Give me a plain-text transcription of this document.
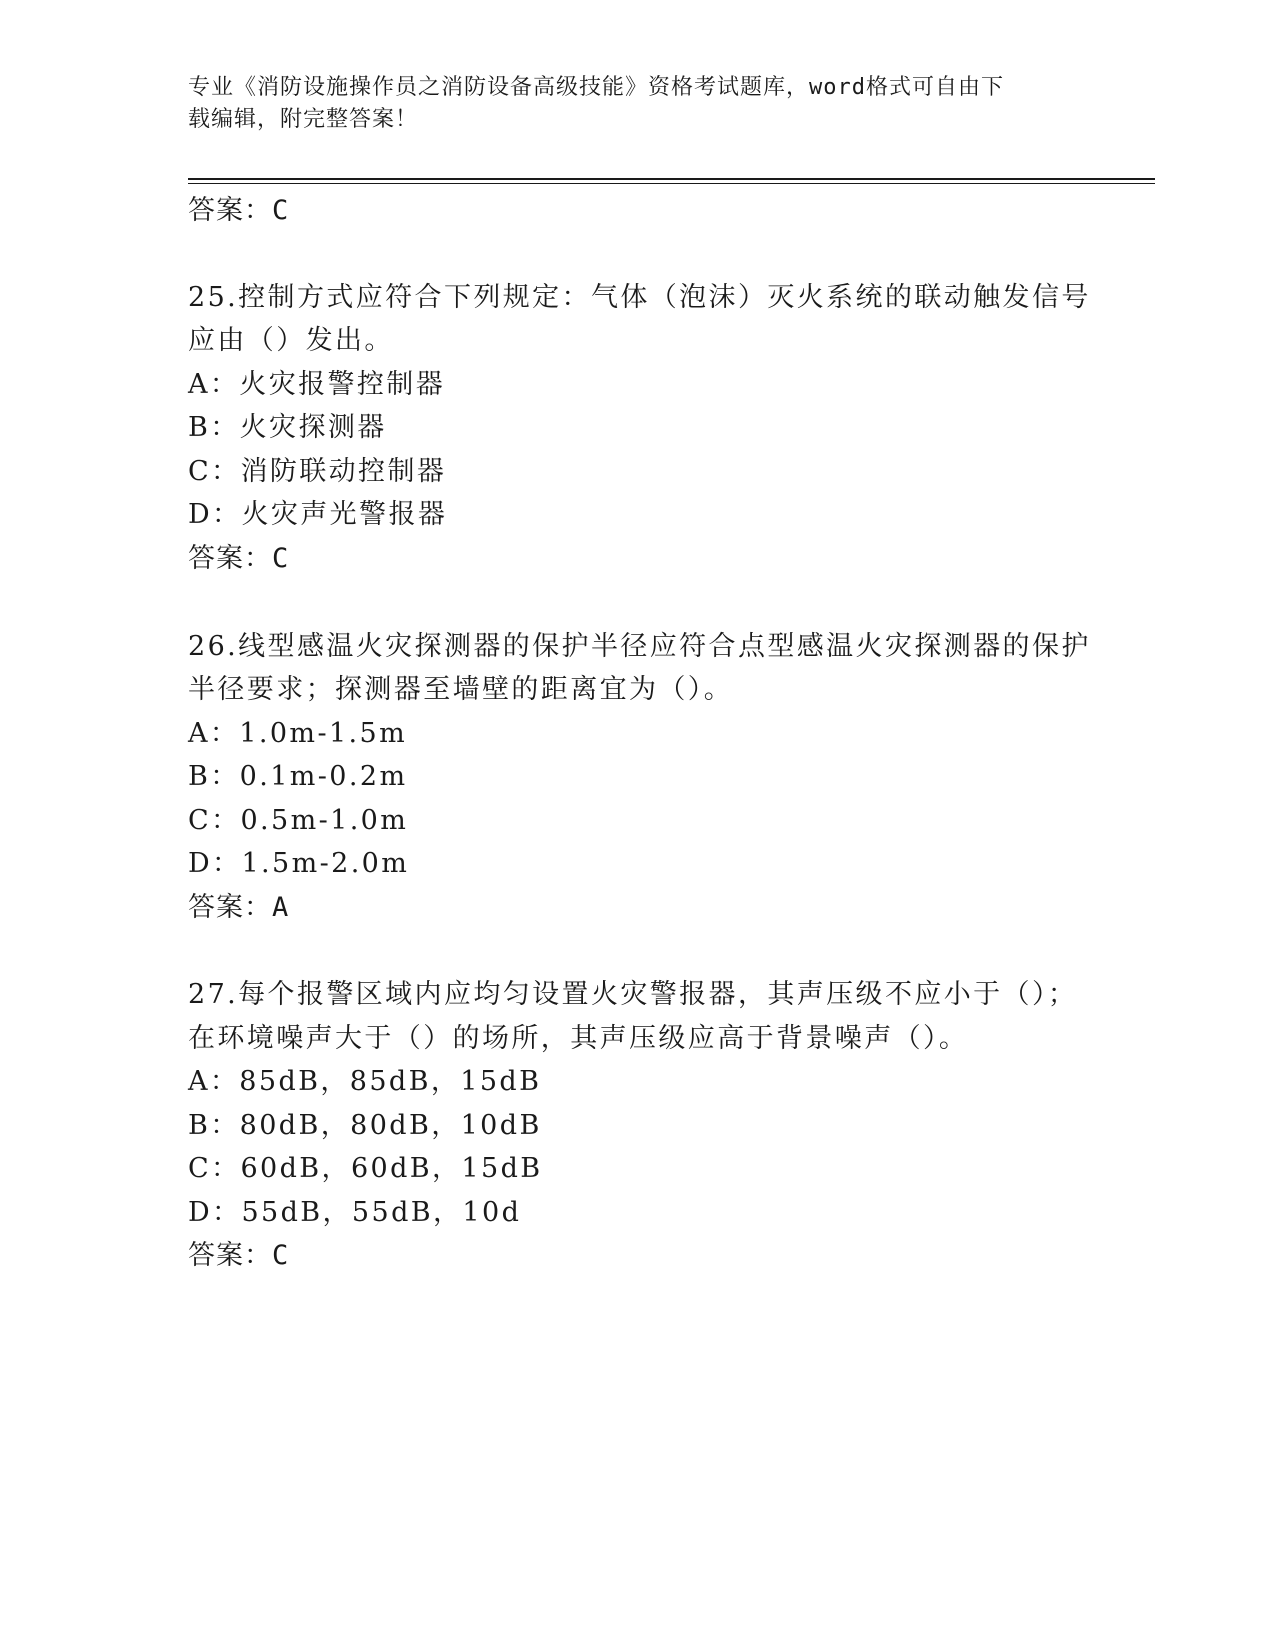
专业《消防设施操作员之消防设备高级技能》资格考试题库，word格式可自由下
载编辑，附完整答案！

答案：C

25.控制方式应符合下列规定：气体（泡沫）灭火系统的联动触发信号

应由（）发出。

A：火灾报警控制器

B：火灾探测器

C：消防联动控制器

D：火灾声光警报器

答案：C

26.线型感温火灾探测器的保护半径应符合点型感温火灾探测器的保护

半径要求；探测器至墙壁的距离宜为（）。

A：1.0m-1.5m

B：0.1m-0.2m

C：0.5m-1.0m

D：1.5m-2.0m

答案：A

27.每个报警区域内应均匀设置火灾警报器，其声压级不应小于（）；

在环境噪声大于（）的场所，其声压级应高于背景噪声（）。

A：85dB，85dB，15dB

B：80dB，80dB，10dB

C：60dB，60dB，15dB

D：55dB，55dB，10d

答案：C
